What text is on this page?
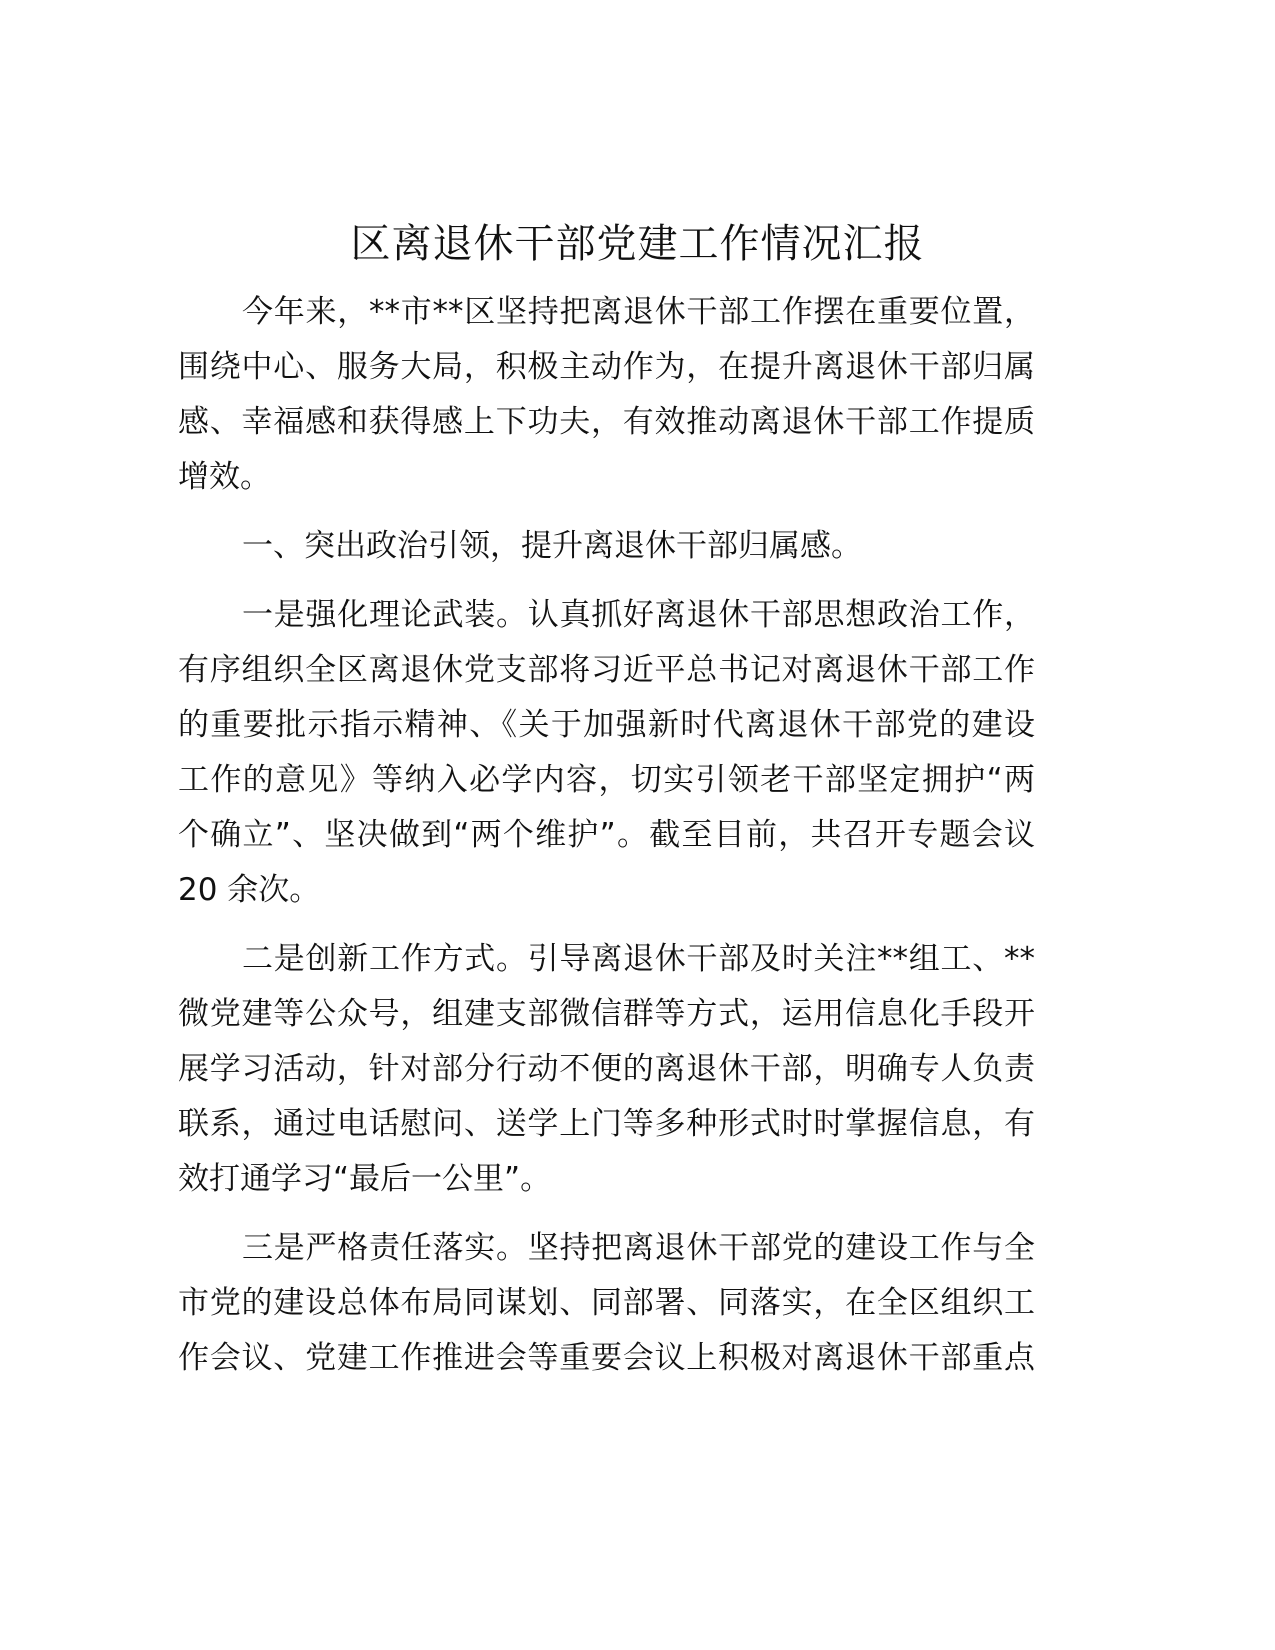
区离退休干部党建工作情况汇报
今年来，**市**区坚持把离退休干部工作摆在重要位置，
围绕中心、服务大局，积极主动作为，在提升离退休干部归属
感、幸福感和获得感上下功夫，有效推动离退休干部工作提质
增效。
一、突出政治引领，提升离退休干部归属感。
一是强化理论武装。认真抓好离退休干部思想政治工作，
有序组织全区离退休党支部将习近平总书记对离退休干部工作
的重要批示指示精神、《关于加强新时代离退休干部党的建设
工作的意见》等纳入必学内容，切实引领老干部坚定拥护“两
个确立”、坚决做到“两个维护”。截至目前，共召开专题会议
20 余次。
二是创新工作方式。引导离退休干部及时关注**组工、**
微党建等公众号，组建支部微信群等方式，运用信息化手段开
展学习活动，针对部分行动不便的离退休干部，明确专人负责
联系，通过电话慰问、送学上门等多种形式时时掌握信息，有
效打通学习“最后一公里”。
三是严格责任落实。坚持把离退休干部党的建设工作与全
市党的建设总体布局同谋划、同部署、同落实，在全区组织工
作会议、党建工作推进会等重要会议上积极对离退休干部重点
